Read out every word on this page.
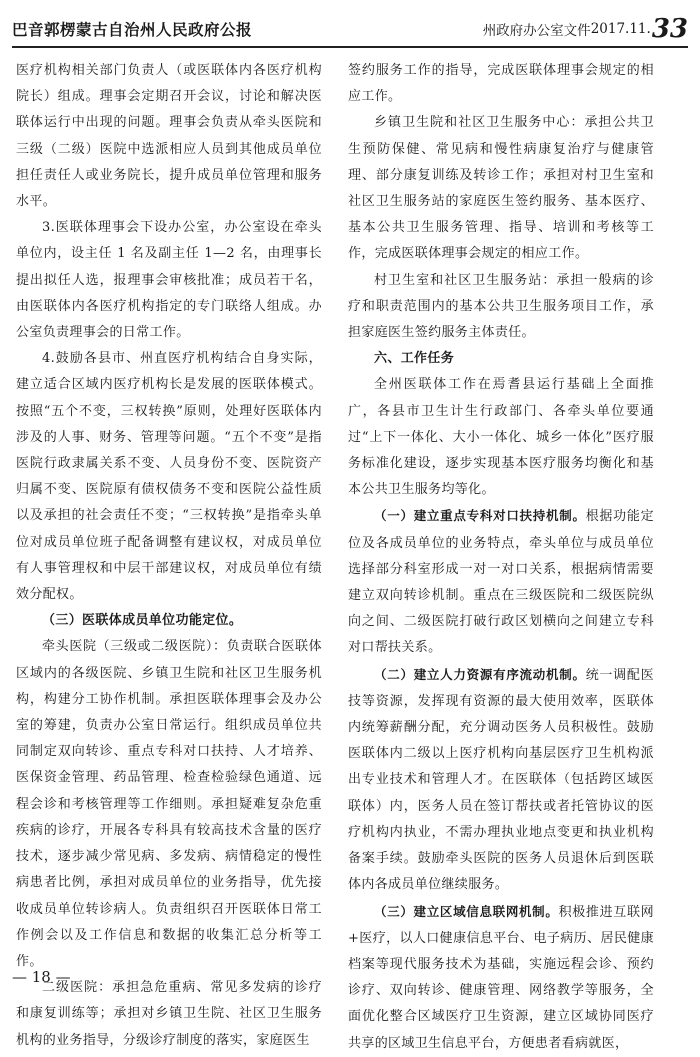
巴音郭楞蒙古自治州人民政府公报	州政府办公室文件 2017.11. 33

医疗机构相关部门负责人（或医联体内各医疗机构院长）组成。理事会定期召开会议，讨论和解决医联体运行中出现的问题。理事会负责从牵头医院和三级（二级）医院中选派相应人员到其他成员单位担任责任人或业务院长，提升成员单位管理和服务水平。

3.医联体理事会下设办公室，办公室设在牵头单位内，设主任 1 名及副主任 1—2 名，由理事长提出拟任人选，报理事会审核批准；成员若干名，由医联体内各医疗机构指定的专门联络人组成。办公室负责理事会的日常工作。

4.鼓励各县市、州直医疗机构结合自身实际，建立适合区域内医疗机构长是发展的医联体模式。按照“五个不变，三权转换”原则，处理好医联体内涉及的人事、财务、管理等问题。“五个不变”是指医院行政隶属关系不变、人员身份不变、医院资产归属不变、医院原有债权债务不变和医院公益性质以及承担的社会责任不变；“三权转换”是指牵头单位对成员单位班子配备调整有建议权，对成员单位有人事管理权和中层干部建议权，对成员单位有绩效分配权。

（三）医联体成员单位功能定位。

牵头医院（三级或二级医院）：负责联合医联体区域内的各级医院、乡镇卫生院和社区卫生服务机构，构建分工协作机制。承担医联体理事会及办公室的筹建，负责办公室日常运行。组织成员单位共同制定双向转诊、重点专科对口扶持、人才培养、医保资金管理、药品管理、检查检验绿色通道、远程会诊和考核管理等工作细则。承担疑难复杂危重疾病的诊疗，开展各专科具有较高技术含量的医疗技术，逐步减少常见病、多发病、病情稳定的慢性病患者比例，承担对成员单位的业务指导，优先接收成员单位转诊病人。负责组织召开医联体日常工作例会以及工作信息和数据的收集汇总分析等工作。

二级医院：承担急危重病、常见多发病的诊疗和康复训练等；承担对乡镇卫生院、社区卫生服务机构的业务指导，分级诊疗制度的落实，家庭医生

签约服务工作的指导，完成医联体理事会规定的相应工作。

乡镇卫生院和社区卫生服务中心：承担公共卫生预防保健、常见病和慢性病康复治疗与健康管理、部分康复训练及转诊工作；承担对村卫生室和社区卫生服务站的家庭医生签约服务、基本医疗、基本公共卫生服务管理、指导、培训和考核等工作，完成医联体理事会规定的相应工作。

村卫生室和社区卫生服务站：承担一般病的诊疗和职责范围内的基本公共卫生服务项目工作，承担家庭医生签约服务主体责任。

六、工作任务

全州医联体工作在焉耆县运行基础上全面推广，各县市卫生计生行政部门、各牵头单位要通过“上下一体化、大小一体化、城乡一体化”医疗服务标准化建设，逐步实现基本医疗服务均衡化和基本公共卫生服务均等化。

（一）建立重点专科对口扶持机制。根据功能定位及各成员单位的业务特点，牵头单位与成员单位选择部分科室形成一对一对口关系，根据病情需要建立双向转诊机制。重点在三级医院和二级医院纵向之间、二级医院打破行政区划横向之间建立专科对口帮扶关系。

（二）建立人力资源有序流动机制。统一调配医技等资源，发挥现有资源的最大使用效率，医联体内统筹薪酬分配，充分调动医务人员积极性。鼓励医联体内二级以上医疗机构向基层医疗卫生机构派出专业技术和管理人才。在医联体（包括跨区域医联体）内，医务人员在签订帮扶或者托管协议的医疗机构内执业，不需办理执业地点变更和执业机构备案手续。鼓励牵头医院的医务人员退休后到医联体内各成员单位继续服务。

（三）建立区域信息联网机制。积极推进互联网+医疗，以人口健康信息平台、电子病历、居民健康档案等现代服务技术为基础，实施远程会诊、预约诊疗、双向转诊、健康管理、网络教学等服务，全面优化整合区域医疗卫生资源，建立区域协同医疗共享的区域卫生信息平台，方便患者看病就医，

— 18 —
